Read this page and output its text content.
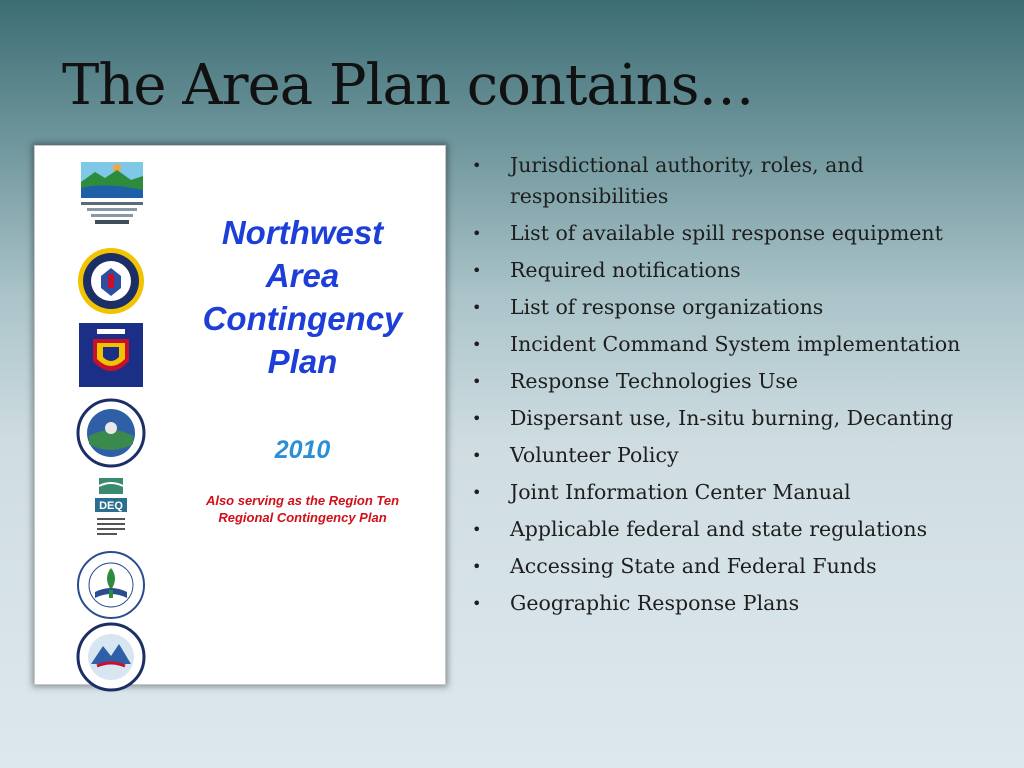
The Area Plan contains…
DEQ
Northwest
Area
Contingency
Plan
2010
Also serving as the Region Ten
Regional Contingency Plan
• Jurisdictional authority, roles, and responsibilities
• List of available spill response equipment
• Required notifications
• List of response organizations
• Incident Command System implementation
• Response Technologies Use
• Dispersant use, In-situ burning, Decanting
• Volunteer Policy
• Joint Information Center Manual
• Applicable federal and state regulations
• Accessing State and Federal Funds
• Geographic Response Plans
